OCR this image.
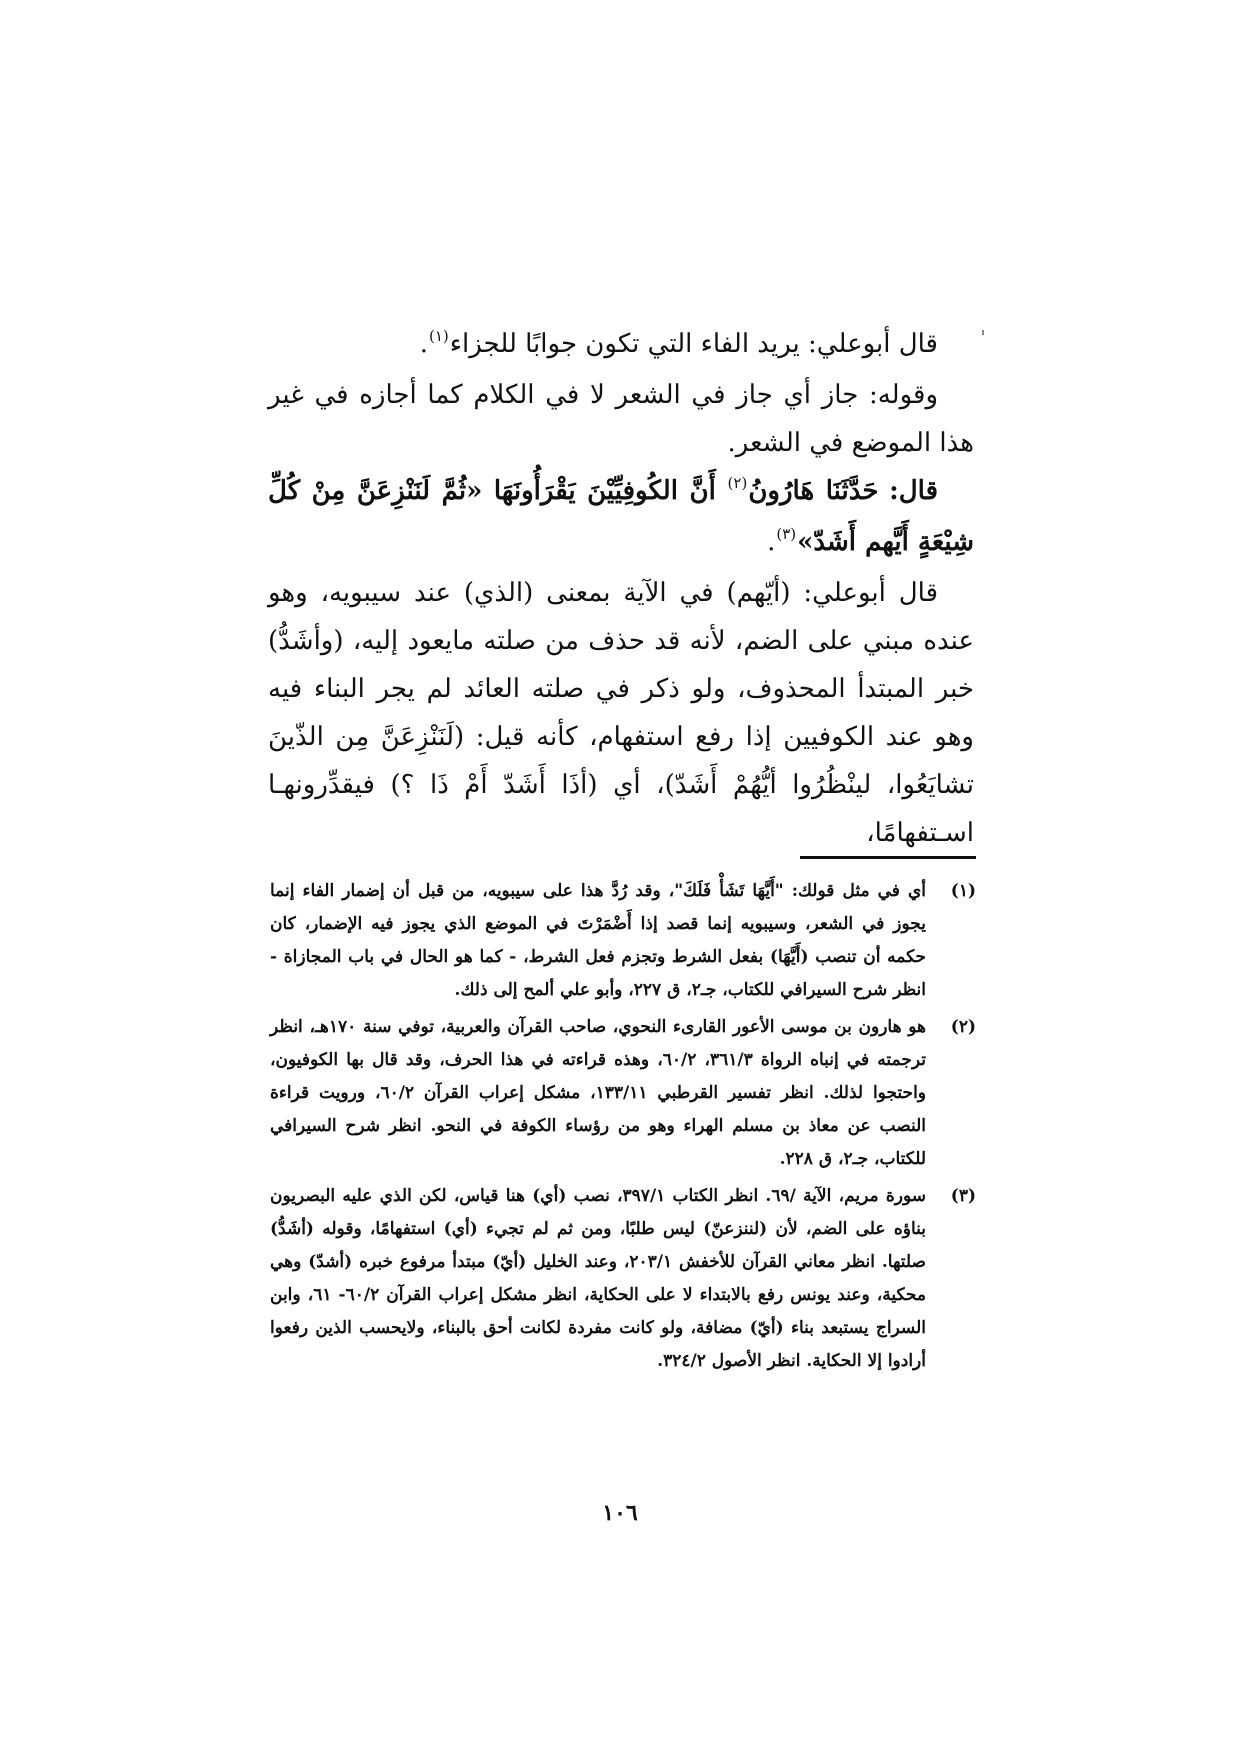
قال أبوعلي: يريد الفاء التي تكون جوابًا للجزاء$^{(١)}$.

وقوله: جاز أي جاز في الشعر لا في الكلام كما أجازه في غير هذا الموضع في الشعر.

قال: حَدَّثَنَا هَارُونُ$^{(٢)}$ أَنَّ الكُوفِيِّيْنَ يَقْرَأُونَهَا «ثُمَّ لَنَنْزِعَنَّ مِنْ كُلِّ شِيْعَةٍ أَيَّهم أَشَدّ»$^{(٣)}$.

قال أبوعلي: (أيّهم) في الآية بمعنى (الذي) عند سيبويه، وهو عنده مبني على الضم، لأنه قد حذف من صلته مايعود إليه، (وأشَدُّ) خبر المبتدأ المحذوف، ولو ذكر في صلته العائد لم يجر البناء فيه وهو عند الكوفيين إذا رفع استفهام، كأنه قيل: (لَنَنْزِعَنَّ مِن الذّينَ تشايَعُوا، لينْظُرُوا أيُّهُمْ أَشَدّ)، أي (أذَا أَشَدّ أَمْ ذَا ؟) فيقدِّرونهـا اسـتفهامًا،

(١)
أي في مثل قولك: "أَيَّهَا تَشَأْ فَلَكَ"، وقد رُدَّ هذا على سيبويه، من قبل أن إضمار الفاء إنما يجوز في الشعر، وسيبويه إنما قصد إذا أَضْمَرْتَ في الموضع الذي يجوز فيه الإضمار، كان حكمه أن تنصب (أَيَّهَا) بفعل الشرط وتجزم فعل الشرط، - كما هو الحال في باب المجازاة - انظر شرح السيرافي للكتاب، جـ٢، ق ٢٢٧، وأبو علي ألمح إلى ذلك.
(٢)
هو هارون بن موسى الأعور القارىء النحوي، صاحب القرآن والعربية، توفي سنة ١٧٠هـ، انظر ترجمته في إنباه الرواة ٣٦١/٣، ٦٠/٢، وهذه قراءته في هذا الحرف، وقد قال بها الكوفيون، واحتجوا لذلك. انظر تفسير القرطبي ١٣٣/١١، مشكل إعراب القرآن ٦٠/٢، ورويت قراءة النصب عن معاذ بن مسلم الهراء وهو من رؤساء الكوفة في النحو. انظر شرح السيرافي للكتاب، جـ٢، ق ٢٢٨.
(٣)
سورة مريم، الآية /٦٩. انظر الكتاب ٣٩٧/١، نصب (أي) هنا قياس، لكن الذي عليه البصريون بناؤه على الضم، لأن (لننزعنّ) ليس طلبًا، ومن ثم لم تجيء (أي) استفهامًا، وقوله (أشَدُّ) صلتها. انظر معاني القرآن للأخفش ٢٠٣/١، وعند الخليل (أيّ) مبتدأ مرفوع خبره (أشدّ) وهي محكية، وعند يونس رفع بالابتداء لا على الحكاية، انظر مشكل إعراب القرآن ٦٠/٢- ٦١، وابن السراج يستبعد بناء (أيّ) مضافة، ولو كانت مفردة لكانت أحق بالبناء، ولايحسب الذين رفعوا أرادوا إلا الحكاية. انظر الأصول ٣٢٤/٢.
١٠٦
